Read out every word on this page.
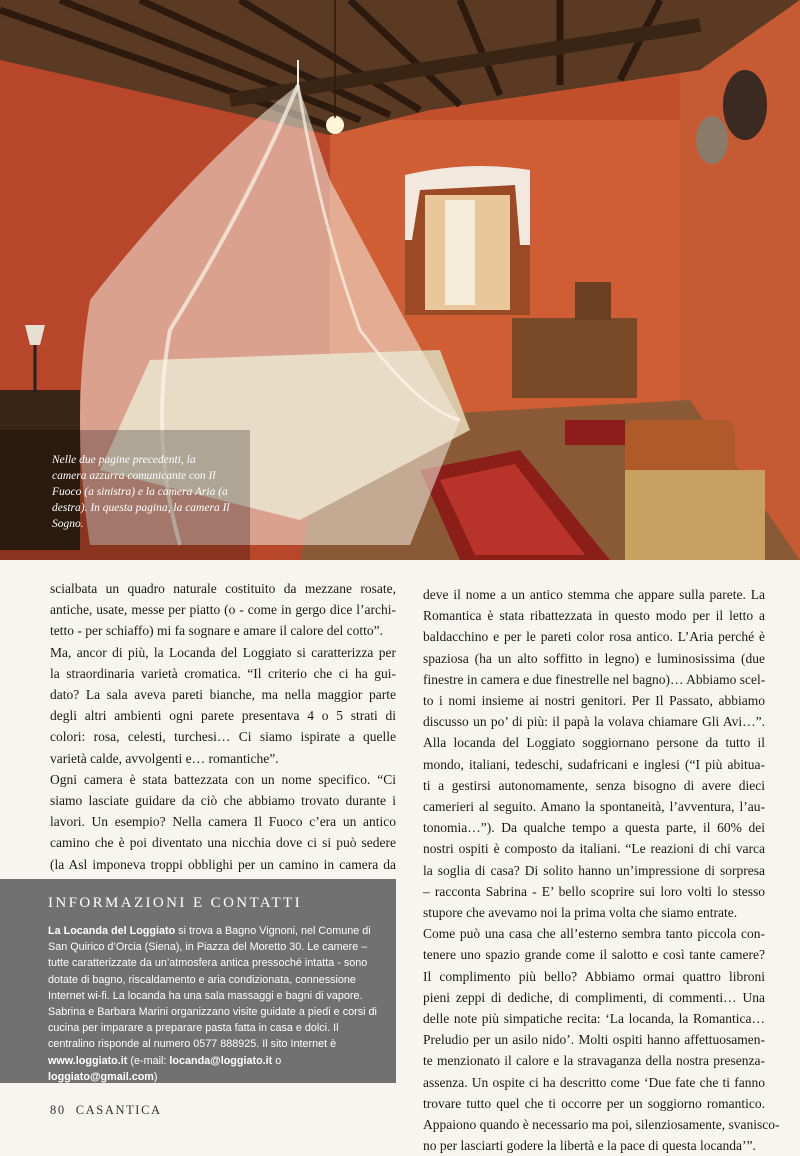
Nelle due pagine precedenti, la camera azzurra comunicante con Il Fuoco (a sinistra) e la camera Aria (a destra). In questa pagina, la camera Il Sogno.
scialbata un quadro naturale costituito da mezzane rosate,
antiche, usate, messe per piatto (o - come in gergo dice l’archi-
tetto - per schiaffo) mi fa sognare e amare il calore del cotto”.
Ma, ancor di più, la Locanda del Loggiato si caratterizza per
la straordinaria varietà cromatica. “Il criterio che ci ha gui-
dato? La sala aveva pareti bianche, ma nella maggior parte
degli altri ambienti ogni parete presentava 4 o 5 strati di
colori: rosa, celesti, turchesi… Ci siamo ispirate a quelle
varietà calde, avvolgenti e… romantiche”.
Ogni camera è stata battezzata con un nome specifico. “Ci
siamo lasciate guidare da ciò che abbiamo trovato durante i
lavori. Un esempio? Nella camera Il Fuoco c’era un antico
camino che è poi diventato una nicchia dove ci si può sedere
(la Asl imponeva troppi obblighi per un camino in camera da
deve il nome a un antico stemma che appare sulla parete. La
Romantica è stata ribattezzata in questo modo per il letto a
baldacchino e per le pareti color rosa antico. L’Aria perché è
spaziosa (ha un alto soffitto in legno) e luminosissima (due
finestre in camera e due finestrelle nel bagno)… Abbiamo scel-
to i nomi insieme ai nostri genitori. Per Il Passato, abbiamo
discusso un po’ di più: il papà la volava chiamare Gli Avi…”.
Alla locanda del Loggiato soggiornano persone da tutto il
mondo, italiani, tedeschi, sudafricani e inglesi (“I più abitua-
ti a gestirsi autonomamente, senza bisogno di avere dieci
camerieri al seguito. Amano la spontaneità, l’avventura, l’au-
tonomia…”). Da qualche tempo a questa parte, il 60% dei
nostri ospiti è composto da italiani. “Le reazioni di chi varca
la soglia di casa? Di solito hanno un’impressione di sorpresa
– racconta Sabrina - E’ bello scoprire sui loro volti lo stesso
stupore che avevamo noi la prima volta che siamo entrate.
Come può una casa che all’esterno sembra tanto piccola con-
tenere uno spazio grande come il salotto e così tante camere?
Il complimento più bello? Abbiamo ormai quattro libroni
pieni zeppi di dediche, di complimenti, di commenti… Una
delle note più simpatiche recita: ‘La locanda, la Romantica…
Preludio per un asilo nido’. Molti ospiti hanno affettuosamen-
te menzionato il calore e la stravaganza della nostra presenza-
assenza. Un ospite ci ha descritto come ‘Due fate che ti fanno
trovare tutto quel che ti occorre per un soggiorno romantico.
Appaiono quando è necessario ma poi, silenziosamente, svanisco-
no per lasciarti godere la libertà e la pace di questa locanda’”.
INFORMAZIONI E CONTATTI
La Locanda del Loggiato si trova a Bagno Vignoni, nel Comune di San Quirico d’Orcia (Siena), in Piazza del Moretto 30. Le camere – tutte caratterizzate da un’atmosfera antica pressoché intatta - sono dotate di bagno, riscaldamento e aria condizionata, connessione Internet wi-fi. La locanda ha una sala massaggi e bagni di vapore. Sabrina e Barbara Marini organizzano visite guidate a piedi e corsi di cucina per imparare a preparare pasta fatta in casa e dolci. Il centralino risponde al numero 0577 888925. Il sito Internet è www.loggiato.it (e-mail: locanda@loggiato.it o loggiato@gmail.com)
80 CASANTICA
